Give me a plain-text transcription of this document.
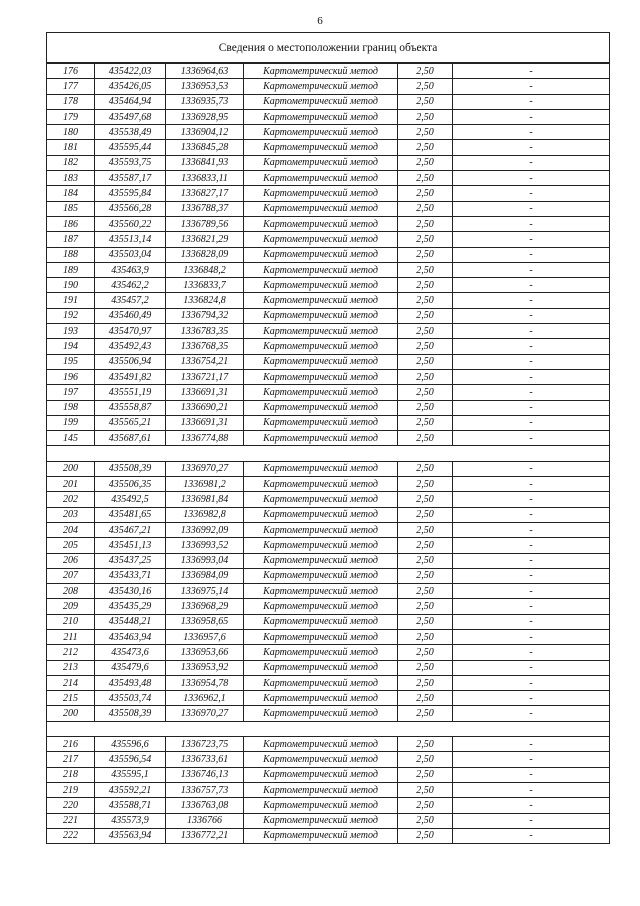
6
Сведения о местоположении границ объекта					
176	435422,03	1336964,63	Картометрический метод	2,50	-
177	435426,05	1336953,53	Картометрический метод	2,50	-
178	435464,94	1336935,73	Картометрический метод	2,50	-
179	435497,68	1336928,95	Картометрический метод	2,50	-
180	435538,49	1336904,12	Картометрический метод	2,50	-
181	435595,44	1336845,28	Картометрический метод	2,50	-
182	435593,75	1336841,93	Картометрический метод	2,50	-
183	435587,17	1336833,11	Картометрический метод	2,50	-
184	435595,84	1336827,17	Картометрический метод	2,50	-
185	435566,28	1336788,37	Картометрический метод	2,50	-
186	435560,22	1336789,56	Картометрический метод	2,50	-
187	435513,14	1336821,29	Картометрический метод	2,50	-
188	435503,04	1336828,09	Картометрический метод	2,50	-
189	435463,9	1336848,2	Картометрический метод	2,50	-
190	435462,2	1336833,7	Картометрический метод	2,50	-
191	435457,2	1336824,8	Картометрический метод	2,50	-
192	435460,49	1336794,32	Картометрический метод	2,50	-
193	435470,97	1336783,35	Картометрический метод	2,50	-
194	435492,43	1336768,35	Картометрический метод	2,50	-
195	435506,94	1336754,21	Картометрический метод	2,50	-
196	435491,82	1336721,17	Картометрический метод	2,50	-
197	435551,19	1336691,31	Картометрический метод	2,50	-
198	435558,87	1336690,21	Картометрический метод	2,50	-
199	435565,21	1336691,31	Картометрический метод	2,50	-
145	435687,61	1336774,88	Картометрический метод	2,50	-

200	435508,39	1336970,27	Картометрический метод	2,50	-
201	435506,35	1336981,2	Картометрический метод	2,50	-
202	435492,5	1336981,84	Картометрический метод	2,50	-
203	435481,65	1336982,8	Картометрический метод	2,50	-
204	435467,21	1336992,09	Картометрический метод	2,50	-
205	435451,13	1336993,52	Картометрический метод	2,50	-
206	435437,25	1336993,04	Картометрический метод	2,50	-
207	435433,71	1336984,09	Картометрический метод	2,50	-
208	435430,16	1336975,14	Картометрический метод	2,50	-
209	435435,29	1336968,29	Картометрический метод	2,50	-
210	435448,21	1336958,65	Картометрический метод	2,50	-
211	435463,94	1336957,6	Картометрический метод	2,50	-
212	435473,6	1336953,66	Картометрический метод	2,50	-
213	435479,6	1336953,92	Картометрический метод	2,50	-
214	435493,48	1336954,78	Картометрический метод	2,50	-
215	435503,74	1336962,1	Картометрический метод	2,50	-
200	435508,39	1336970,27	Картометрический метод	2,50	-

216	435596,6	1336723,75	Картометрический метод	2,50	-
217	435596,54	1336733,61	Картометрический метод	2,50	-
218	435595,1	1336746,13	Картометрический метод	2,50	-
219	435592,21	1336757,73	Картометрический метод	2,50	-
220	435588,71	1336763,08	Картометрический метод	2,50	-
221	435573,9	1336766	Картометрический метод	2,50	-
222	435563,94	1336772,21	Картометрический метод	2,50	-
